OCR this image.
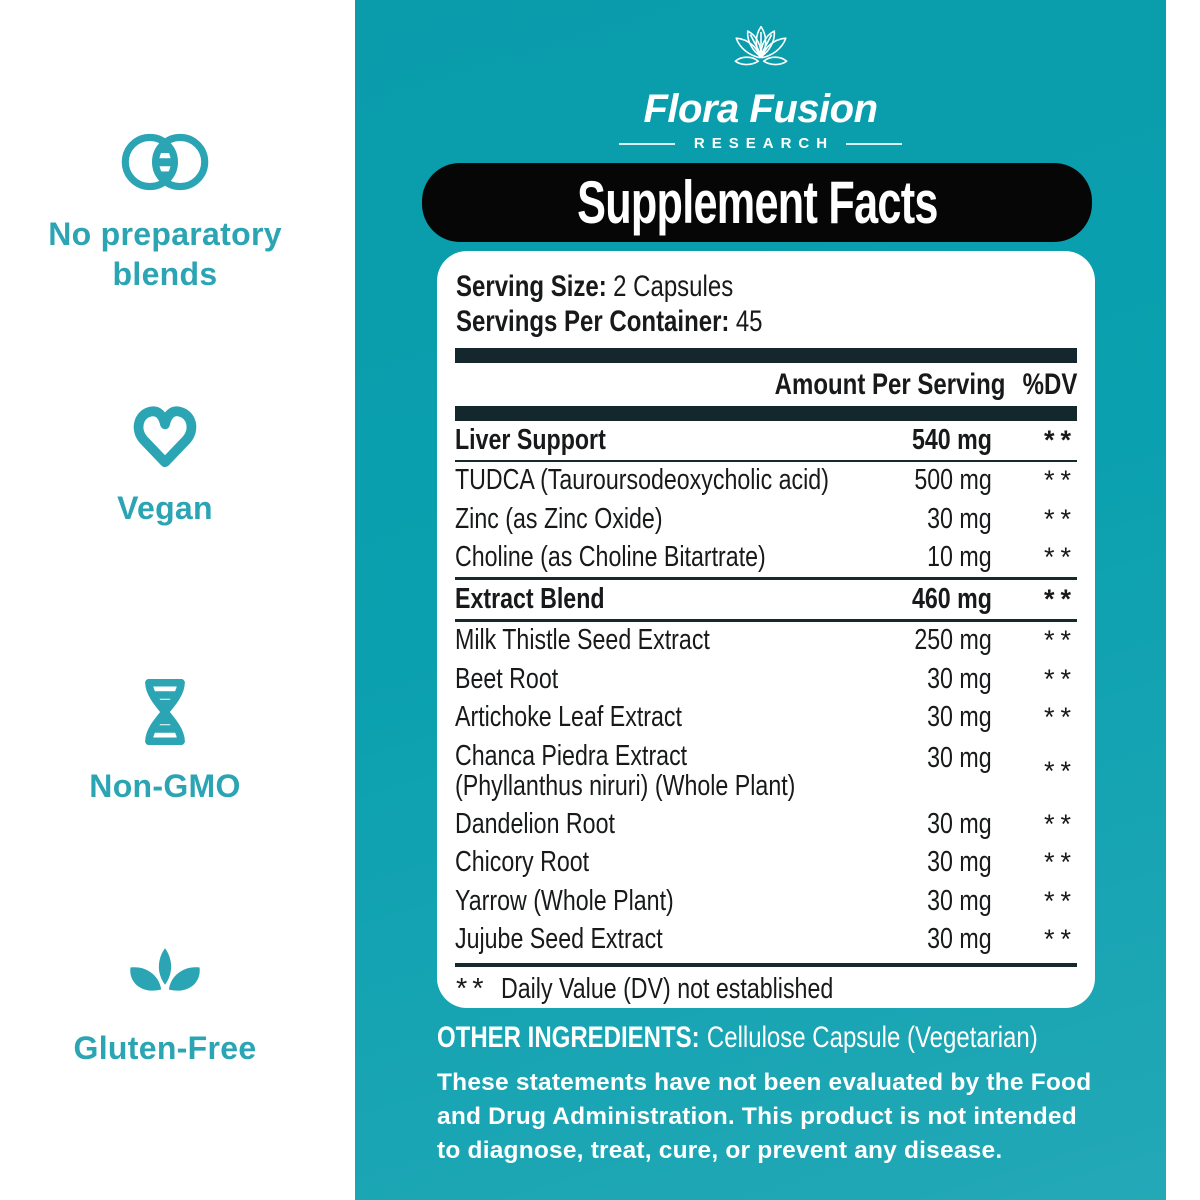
No preparatory
blends
Vegan
Non-GMO
Gluten-Free
Flora Fusion
RESEARCH
Supplement Facts
Serving Size: 2 Capsules
Servings Per Container: 45
Amount Per Serving %DV
Liver Support	540 mg	**
TUDCA (Tauroursodeoxycholic acid)	500 mg	**
Zinc (as Zinc Oxide)	30 mg	**
Choline (as Choline Bitartrate)	10 mg	**
Extract Blend	460 mg	**
Milk Thistle Seed Extract	250 mg	**
Beet Root	30 mg	**
Artichoke Leaf Extract	30 mg	**
Chanca Piedra Extract
(Phyllanthus niruri) (Whole Plant)
30 mg	**
Dandelion Root	30 mg	**
Chicory Root	30 mg	**
Yarrow (Whole Plant)	30 mg	**
Jujube Seed Extract	30 mg	**
** Daily Value (DV) not established
OTHER INGREDIENTS: Cellulose Capsule (Vegetarian)
These statements have not been evaluated by the Food
and Drug Administration. This product is not intended
to diagnose, treat, cure, or prevent any disease.
